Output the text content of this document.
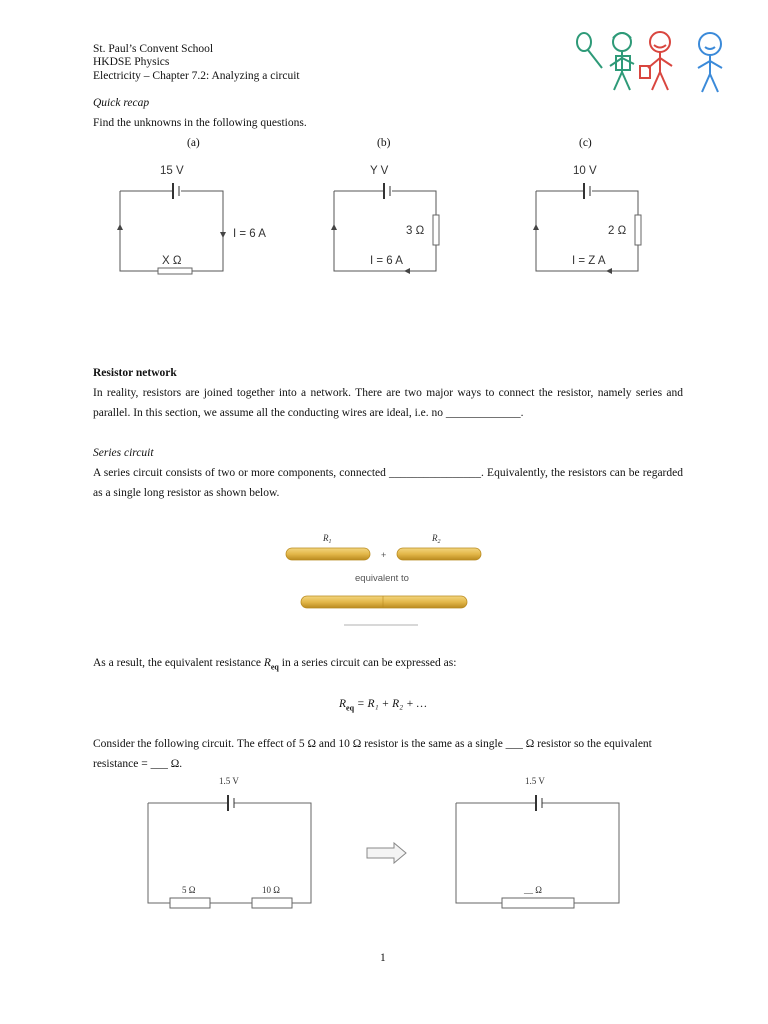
St. Paul’s Convent School
HKDSE Physics
Electricity – Chapter 7.2: Analyzing a circuit
Quick recap
Find the unknowns in the following questions.
(a)	(b)	(c)
15 V
I = 6 A
X Ω
Y V
3 Ω
I = 6 A
10 V
2 Ω
I = Z A
Resistor network
In reality, resistors are joined together into a network. There are two major ways to connect the resistor, namely series and parallel. In this section, we assume all the conducting wires are ideal, i.e. no _____________.
Series circuit
A series circuit consists of two or more components, connected ________________. Equivalently, the resistors can be regarded as a single long resistor as shown below.
$R_1$	$R_2$
+
equivalent to
As a result, the equivalent resistance $R_{eq}$ in a series circuit can be expressed as:
$R_{eq} = R_1 + R_2$ + …
Consider the following circuit. The effect of 5 Ω and 10 Ω resistor is the same as a single ___ Ω resistor so the equivalent
resistance = ___ Ω.
1.5 V
5 Ω	10 Ω
1.5 V
__ Ω
1
